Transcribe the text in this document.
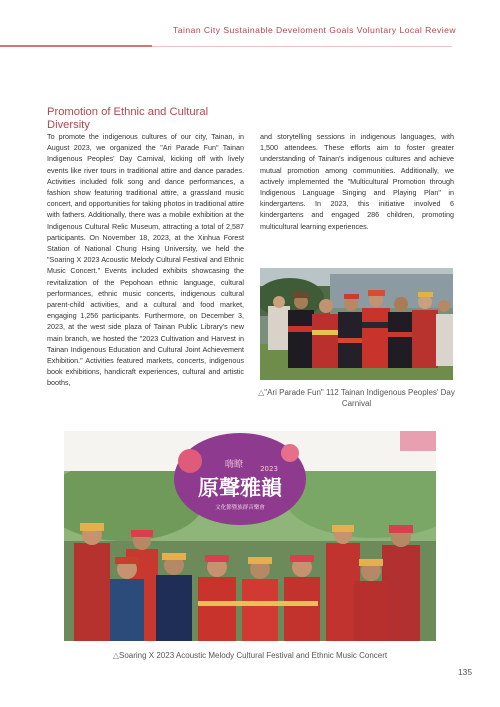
Tainan City Sustainable Develoment Goals Voluntary Local Review
Promotion of Ethnic and Cultural Diversity
To promote the indigenous cultures of our city, Tainan, in August 2023, we organized the "Ari Parade Fun" Tainan Indigenous Peoples' Day Carnival, kicking off with lively events like river tours in traditional attire and dance parades. Activities included folk song and dance performances, a fashion show featuring traditional attire, a grassland music concert, and opportunities for taking photos in traditional attire with fathers. Additionally, there was a mobile exhibition at the Indigenous Cultural Relic Museum, attracting a total of 2,587 participants. On November 18, 2023, at the Xinhua Forest Station of National Chung Hsing University, we held the "Soaring X 2023 Acoustic Melody Cultural Festival and Ethnic Music Concert." Events included exhibits showcasing the revitalization of the Pepohoan ethnic language, cultural performances, ethnic music concerts, indigenous cultural parent-child activities, and a cultural and food market, engaging 1,256 participants. Furthermore, on December 3, 2023, at the west side plaza of Tainan Public Library's new main branch, we hosted the "2023 Cultivation and Harvest in Tainan Indigenous Education and Cultural Joint Achievement Exhibition." Activities featured markets, concerts, indigenous book exhibitions, handicraft experiences, cultural and artistic booths,
and storytelling sessions in indigenous languages, with 1,500 attendees. These efforts aim to foster greater understanding of Tainan's indigenous cultures and achieve mutual promotion among communities. Additionally, we actively implemented the "Multicultural Promotion through Indigenous Language Singing and Playing Plan" in kindergartens. In 2023, this initiative involved 6 kindergartens and engaged 286 children, promoting multicultural learning experiences.
△"Ari Parade Fun" 112 Tainan Indigenous Peoples' Day Carnival
嗨瞭 2023
原聲雅韻
文化節暨族群音樂會
△Soaring X 2023 Acoustic Melody Cultural Festival and Ethnic Music Concert
135
